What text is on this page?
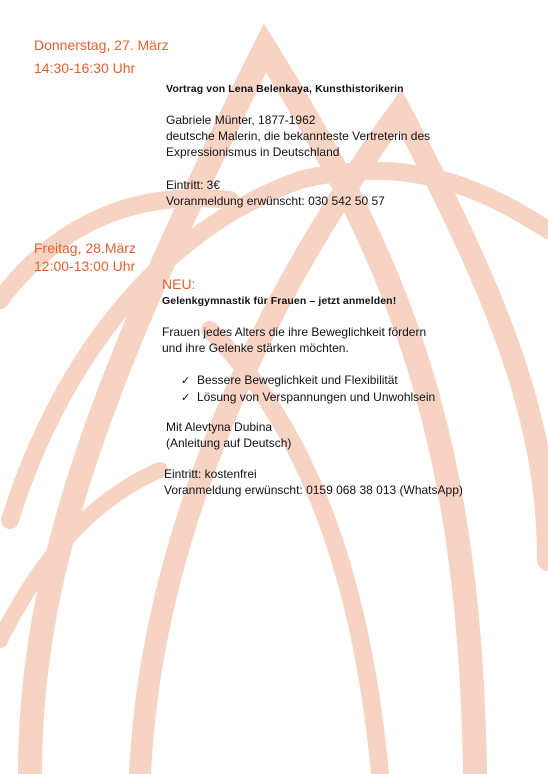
Donnerstag, 27. März
14:30-16:30 Uhr
Vortrag von Lena Belenkaya, Kunsthistorikerin
Gabriele Münter, 1877-1962
deutsche Malerin, die bekannteste Vertreterin des
Expressionismus in Deutschland
Eintritt: 3€
Voranmeldung erwünscht: 030 542 50 57
Freitag, 28.März
12:00-13:00 Uhr
NEU:
Gelenkgymnastik für Frauen – jetzt anmelden!
Frauen jedes Alters die ihre Beweglichkeit fördern
und ihre Gelenke stärken möchten.
✓ Bessere Beweglichkeit und Flexibilität
✓ Lösung von Verspannungen und Unwohlsein
Mit Alevtyna Dubina
(Anleitung auf Deutsch)
Eintritt: kostenfrei
Voranmeldung erwünscht: 0159 068 38 013 (WhatsApp)
